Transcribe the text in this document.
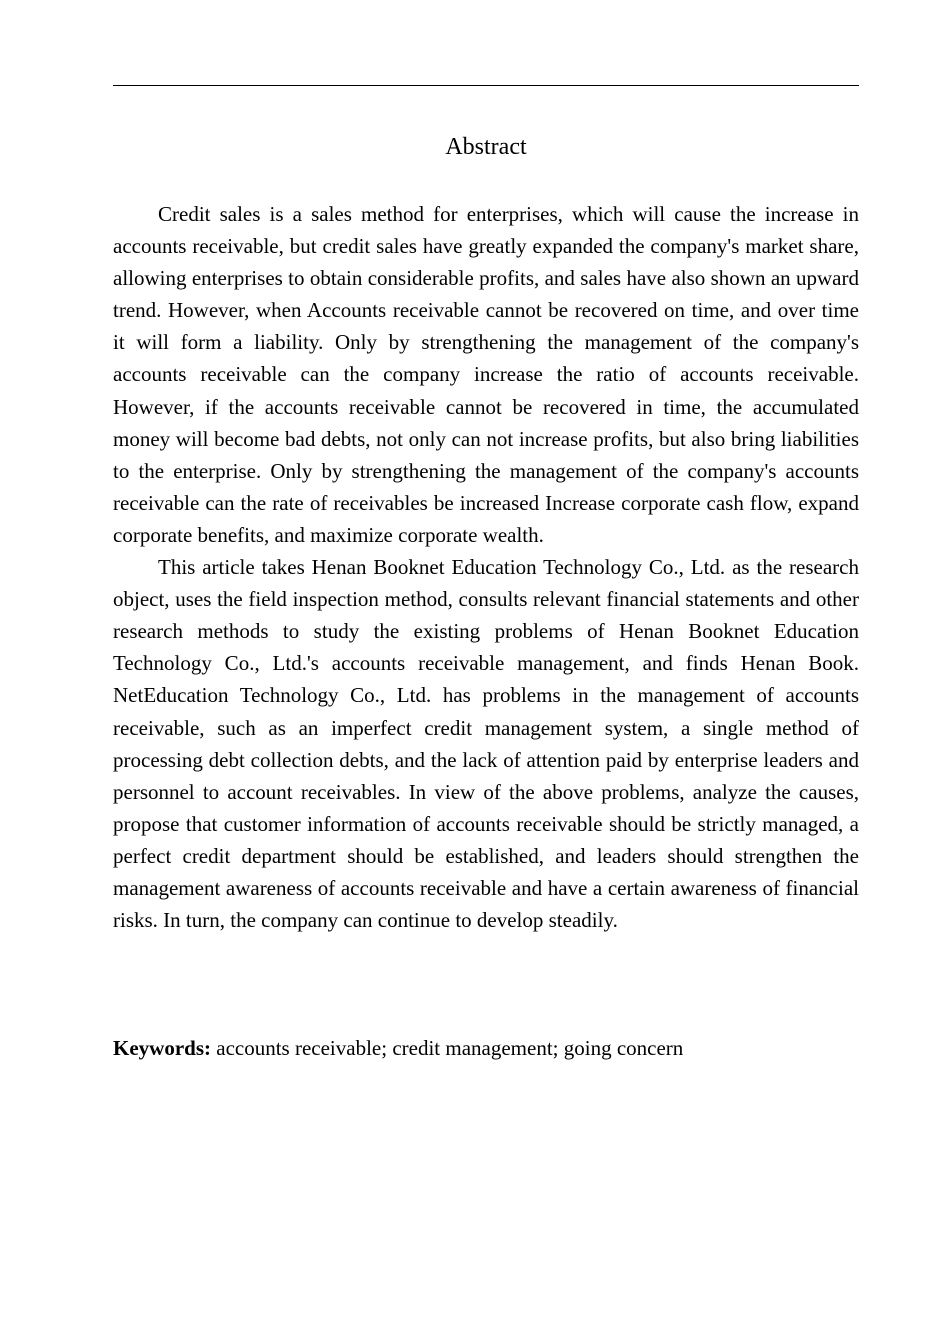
Abstract

Credit sales is a sales method for enterprises, which will cause the increase in accounts receivable, but credit sales have greatly expanded the company's market share, allowing enterprises to obtain considerable profits, and sales have also shown an upward trend. However, when Accounts receivable cannot be recovered on time, and over time it will form a liability. Only by strengthening the management of the company's accounts receivable can the company increase the ratio of accounts receivable. However, if the accounts receivable cannot be recovered in time, the accumulated money will become bad debts, not only can not increase profits, but also bring liabilities to the enterprise. Only by strengthening the management of the company's accounts receivable can the rate of receivables be increased Increase corporate cash flow, expand corporate benefits, and maximize corporate wealth.

This article takes Henan Booknet Education Technology Co., Ltd. as the research object, uses the field inspection method, consults relevant financial statements and other research methods to study the existing problems of Henan Booknet Education Technology Co., Ltd.'s accounts receivable management, and finds Henan Book. NetEducation Technology Co., Ltd. has problems in the management of accounts receivable, such as an imperfect credit management system, a single method of processing debt collection debts, and the lack of attention paid by enterprise leaders and personnel to account receivables. In view of the above problems, analyze the causes, propose that customer information of accounts receivable should be strictly managed, a perfect credit department should be established, and leaders should strengthen the management awareness of accounts receivable and have a certain awareness of financial risks. In turn, the company can continue to develop steadily.

Keywords: accounts receivable; credit management; going concern
